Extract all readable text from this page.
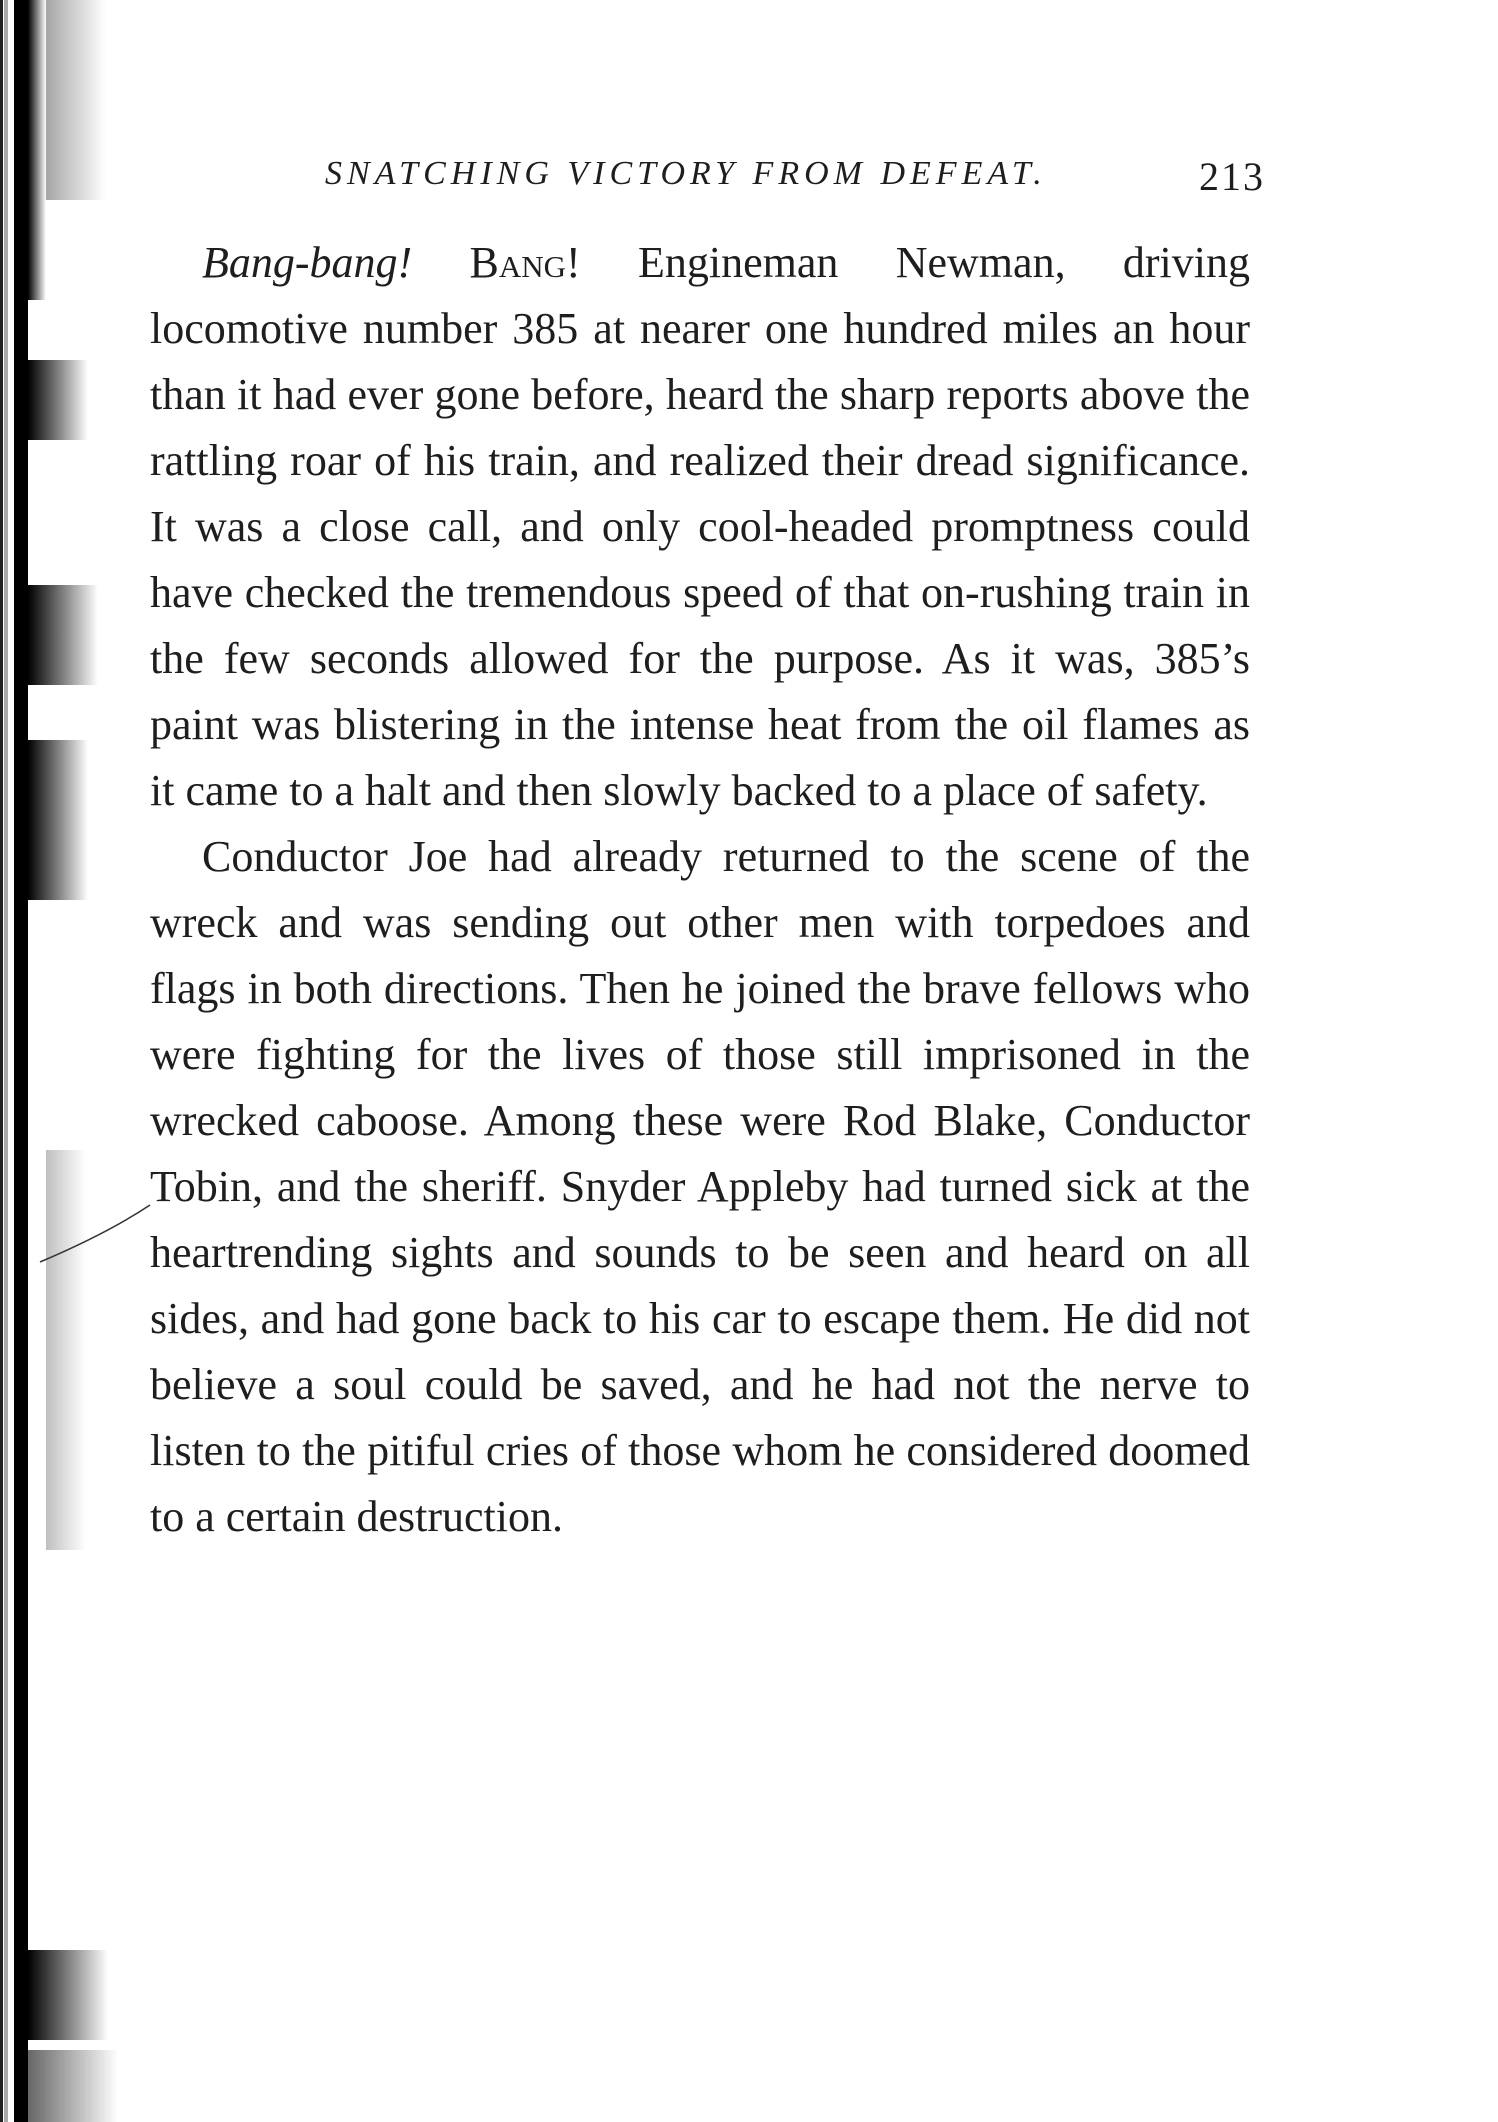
SNATCHING VICTORY FROM DEFEAT.	213

Bang-bang! Bang! Engineman Newman, driving locomotive number 385 at nearer one hundred miles an hour than it had ever gone before, heard the sharp reports above the rattling roar of his train, and realized their dread significance. It was a close call, and only cool-headed promptness could have checked the tremendous speed of that on-rushing train in the few seconds allowed for the purpose. As it was, 385’s paint was blistering in the intense heat from the oil flames as it came to a halt and then slowly backed to a place of safety.

Conductor Joe had already returned to the scene of the wreck and was sending out other men with torpedoes and flags in both directions. Then he joined the brave fellows who were fighting for the lives of those still imprisoned in the wrecked caboose. Among these were Rod Blake, Conductor Tobin, and the sheriff. Snyder Appleby had turned sick at the heartrending sights and sounds to be seen and heard on all sides, and had gone back to his car to escape them. He did not believe a soul could be saved, and he had not the nerve to listen to the pitiful cries of those whom he considered doomed to a certain destruction.
